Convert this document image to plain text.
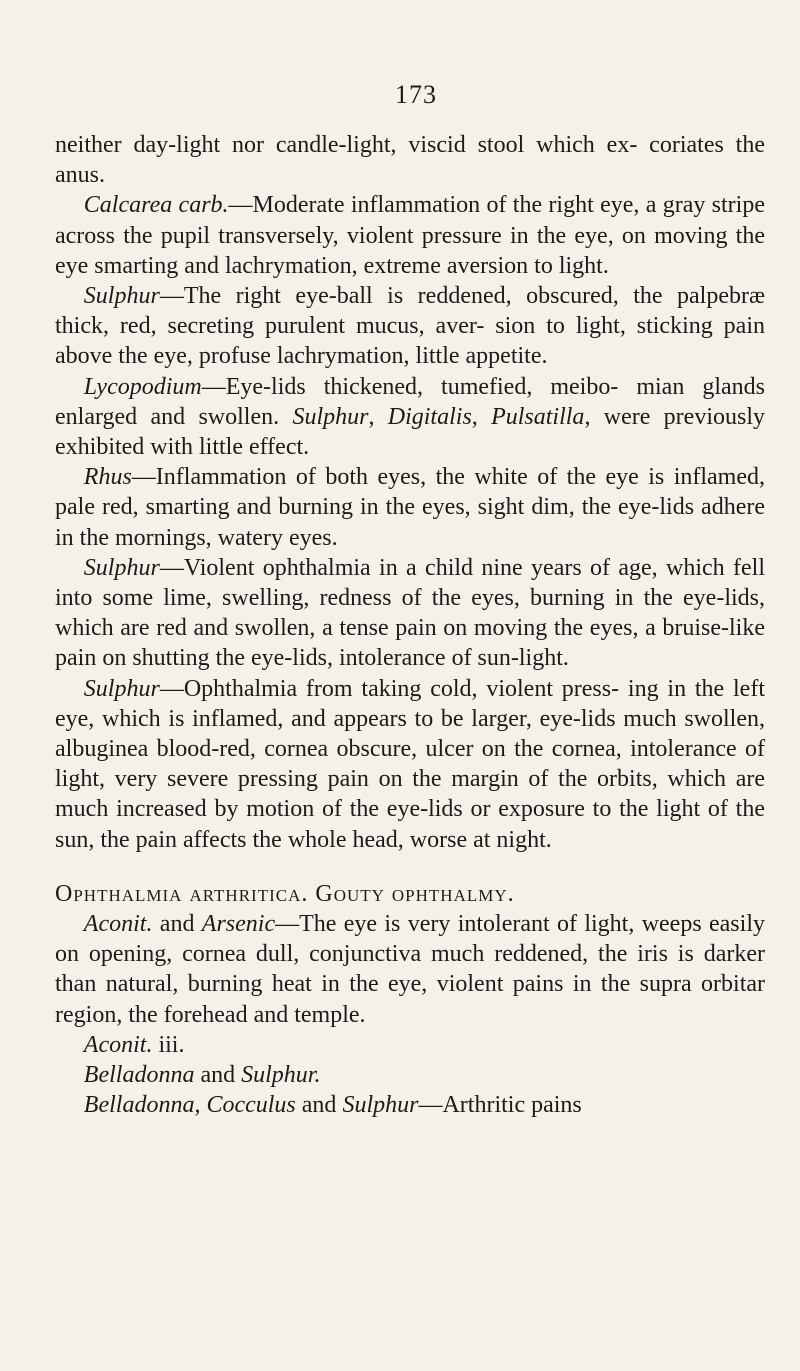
173

neither day-light nor candle-light, viscid stool which ex- coriates the anus.

Calcarea carb.—Moderate inflammation of the right eye, a gray stripe across the pupil transversely, violent pressure in the eye, on moving the eye smarting and lachrymation, extreme aversion to light.

Sulphur—The right eye-ball is reddened, obscured, the palpebræ thick, red, secreting purulent mucus, aver- sion to light, sticking pain above the eye, profuse lachrymation, little appetite.

Lycopodium—Eye-lids thickened, tumefied, meibo- mian glands enlarged and swollen. Sulphur, Digitalis, Pulsatilla, were previously exhibited with little effect.

Rhus—Inflammation of both eyes, the white of the eye is inflamed, pale red, smarting and burning in the eyes, sight dim, the eye-lids adhere in the mornings, watery eyes.

Sulphur—Violent ophthalmia in a child nine years of age, which fell into some lime, swelling, redness of the eyes, burning in the eye-lids, which are red and swollen, a tense pain on moving the eyes, a bruise-like pain on shutting the eye-lids, intolerance of sun-light.

Sulphur—Ophthalmia from taking cold, violent press- ing in the left eye, which is inflamed, and appears to be larger, eye-lids much swollen, albuginea blood-red, cornea obscure, ulcer on the cornea, intolerance of light, very severe pressing pain on the margin of the orbits, which are much increased by motion of the eye-lids or exposure to the light of the sun, the pain affects the whole head, worse at night.

Ophthalmia arthritica. Gouty ophthalmy.

Aconit. and Arsenic—The eye is very intolerant of light, weeps easily on opening, cornea dull, conjunctiva much reddened, the iris is darker than natural, burning heat in the eye, violent pains in the supra orbitar region, the forehead and temple.

Aconit. iii.

Belladonna and Sulphur.

Belladonna, Cocculus and Sulphur—Arthritic pains
